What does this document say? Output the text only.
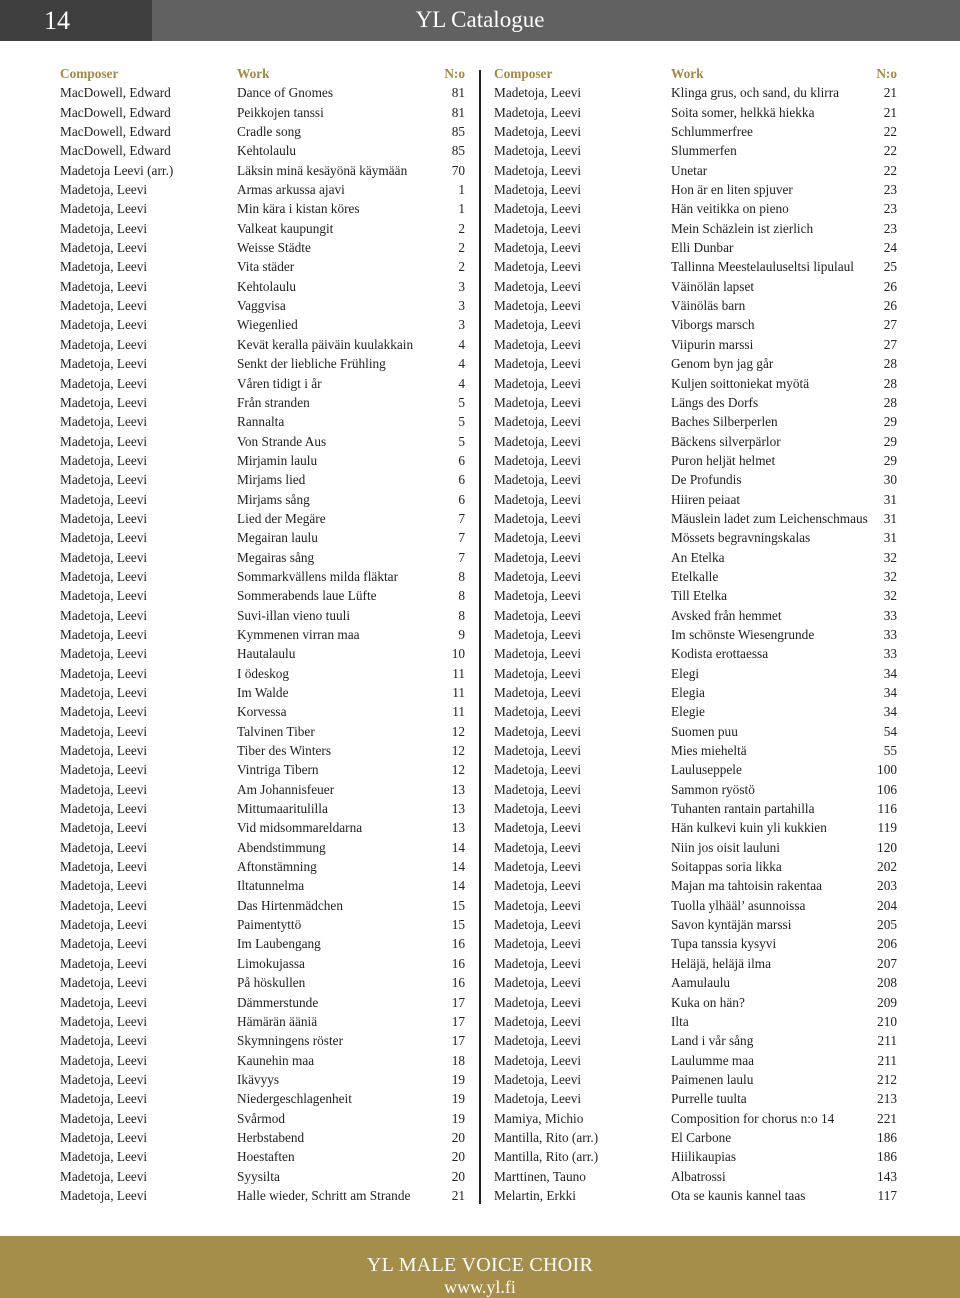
14	YL Catalogue
Composer	Work	N:o
MacDowell, Edward	Dance of Gnomes	81
MacDowell, Edward	Peikkojen tanssi	81
MacDowell, Edward	Cradle song	85
MacDowell, Edward	Kehtolaulu	85
Madetoja Leevi (arr.)	Läksin minä kesäyönä käymään	70
Madetoja, Leevi	Armas arkussa ajavi	1
Madetoja, Leevi	Min kära i kistan köres	1
Madetoja, Leevi	Valkeat kaupungit	2
Madetoja, Leevi	Weisse Städte	2
Madetoja, Leevi	Vita städer	2
Madetoja, Leevi	Kehtolaulu	3
Madetoja, Leevi	Vaggvisa	3
Madetoja, Leevi	Wiegenlied	3
Madetoja, Leevi	Kevät keralla päiväin kuulakkain	4
Madetoja, Leevi	Senkt der liebliche Frühling	4
Madetoja, Leevi	Våren tidigt i år	4
Madetoja, Leevi	Från stranden	5
Madetoja, Leevi	Rannalta	5
Madetoja, Leevi	Von Strande Aus	5
Madetoja, Leevi	Mirjamin laulu	6
Madetoja, Leevi	Mirjams lied	6
Madetoja, Leevi	Mirjams sång	6
Madetoja, Leevi	Lied der Megäre	7
Madetoja, Leevi	Megairan laulu	7
Madetoja, Leevi	Megairas sång	7
Madetoja, Leevi	Sommarkvällens milda fläktar	8
Madetoja, Leevi	Sommerabends laue Lüfte	8
Madetoja, Leevi	Suvi-illan vieno tuuli	8
Madetoja, Leevi	Kymmenen virran maa	9
Madetoja, Leevi	Hautalaulu	10
Madetoja, Leevi	I ödeskog	11
Madetoja, Leevi	Im Walde	11
Madetoja, Leevi	Korvessa	11
Madetoja, Leevi	Talvinen Tiber	12
Madetoja, Leevi	Tiber des Winters	12
Madetoja, Leevi	Vintriga Tibern	12
Madetoja, Leevi	Am Johannisfeuer	13
Madetoja, Leevi	Mittumaaritulilla	13
Madetoja, Leevi	Vid midsommareldarna	13
Madetoja, Leevi	Abendstimmung	14
Madetoja, Leevi	Aftonstämning	14
Madetoja, Leevi	Iltatunnelma	14
Madetoja, Leevi	Das Hirtenmädchen	15
Madetoja, Leevi	Paimentyttö	15
Madetoja, Leevi	Im Laubengang	16
Madetoja, Leevi	Limokujassa	16
Madetoja, Leevi	På höskullen	16
Madetoja, Leevi	Dämmerstunde	17
Madetoja, Leevi	Hämärän ääniä	17
Madetoja, Leevi	Skymningens röster	17
Madetoja, Leevi	Kaunehin maa	18
Madetoja, Leevi	Ikävyys	19
Madetoja, Leevi	Niedergeschlagenheit	19
Madetoja, Leevi	Svårmod	19
Madetoja, Leevi	Herbstabend	20
Madetoja, Leevi	Hoestaften	20
Madetoja, Leevi	Syysilta	20
Madetoja, Leevi	Halle wieder, Schritt am Strande	21
Composer	Work	N:o
Madetoja, Leevi	Klinga grus, och sand, du klirra	21
Madetoja, Leevi	Soita somer, helkkä hiekka	21
Madetoja, Leevi	Schlummerfree	22
Madetoja, Leevi	Slummerfen	22
Madetoja, Leevi	Unetar	22
Madetoja, Leevi	Hon är en liten spjuver	23
Madetoja, Leevi	Hän veitikka on pieno	23
Madetoja, Leevi	Mein Schäzlein ist zierlich	23
Madetoja, Leevi	Elli Dunbar	24
Madetoja, Leevi	Tallinna Meestelauluseltsi lipulaul 25
Madetoja, Leevi	Väinölän lapset	26
Madetoja, Leevi	Väinöläs barn	26
Madetoja, Leevi	Viborgs marsch	27
Madetoja, Leevi	Viipurin marssi	27
Madetoja, Leevi	Genom byn jag går	28
Madetoja, Leevi	Kuljen soittoniekat myötä	28
Madetoja, Leevi	Längs des Dorfs	28
Madetoja, Leevi	Baches Silberperlen	29
Madetoja, Leevi	Bäckens silverpärlor	29
Madetoja, Leevi	Puron heljät helmet	29
Madetoja, Leevi	De Profundis	30
Madetoja, Leevi	Hiiren peiaat	31
Madetoja, Leevi	Mäuslein ladet zum Leichenschmaus 31
Madetoja, Leevi	Mössets begravningskalas	31
Madetoja, Leevi	An Etelka	32
Madetoja, Leevi	Etelkalle	32
Madetoja, Leevi	Till Etelka	32
Madetoja, Leevi	Avsked från hemmet	33
Madetoja, Leevi	Im schönste Wiesengrunde	33
Madetoja, Leevi	Kodista erottaessa	33
Madetoja, Leevi	Elegi	34
Madetoja, Leevi	Elegia	34
Madetoja, Leevi	Elegie	34
Madetoja, Leevi	Suomen puu	54
Madetoja, Leevi	Mies mieheltä	55
Madetoja, Leevi	Lauluseppele	100
Madetoja, Leevi	Sammon ryöstö	106
Madetoja, Leevi	Tuhanten rantain partahilla	116
Madetoja, Leevi	Hän kulkevi kuin yli kukkien	119
Madetoja, Leevi	Niin jos oisit lauluni	120
Madetoja, Leevi	Soitappas soria likka	202
Madetoja, Leevi	Majan ma tahtoisin rakentaa	203
Madetoja, Leevi	Tuolla ylhääl’ asunnoissa	204
Madetoja, Leevi	Savon kyntäjän marssi	205
Madetoja, Leevi	Tupa tanssia kysyvi	206
Madetoja, Leevi	Heläjä, heläjä ilma	207
Madetoja, Leevi	Aamulaulu	208
Madetoja, Leevi	Kuka on hän?	209
Madetoja, Leevi	Ilta	210
Madetoja, Leevi	Land i vår sång	211
Madetoja, Leevi	Laulumme maa	211
Madetoja, Leevi	Paimenen laulu	212
Madetoja, Leevi	Purrelle tuulta	213
Mamiya, Michio	Composition for chorus n:o 14	221
Mantilla, Rito (arr.)	El Carbone	186
Mantilla, Rito (arr.)	Hiilikaupias	186
Marttinen, Tauno	Albatrossi	143
Melartin, Erkki	Ota se kaunis kannel taas	117
YL MALE VOICE CHOIR
www.yl.fi
